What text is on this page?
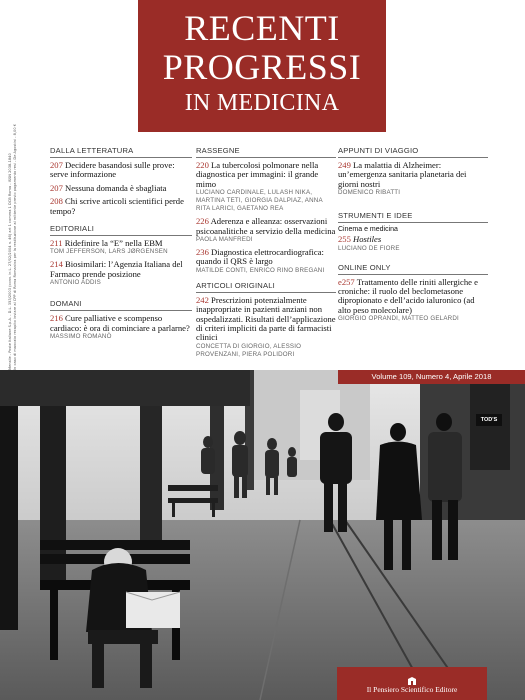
RECENTI
PROGRESSI
IN MEDICINA
Mensile - Poste Italiane S.p.A. - D.L. 353/2003 (conv. in L. 27/02/2004 n. 46) art 1 comma 1 DCB Roma - ISSN 2038-1840 In caso di mancato recapito inviare al CPP di Roma Romanina per la restituzione al mittente previo pagamento resi - De Agostini - 8,00 €	DALLA LETTERATURA
207 Decidere basandosi sulle prove: serve informazione
207 Nessuna domanda è sbagliata
208 Chi scrive articoli scientifici perde tempo?
EDITORIALI
211 Ridefinire la “E” nella EBM
TOM JEFFERSON, LARS JØRGENSEN
214 Biosimilari: l’Agenzia Italiana del Farmaco prende posizione
ANTONIO ADDIS
DOMANI
216 Cure palliative e scompenso cardiaco: è ora di cominciare a parlarne?
MASSIMO ROMANÒ
RASSEGNE
220 La tubercolosi polmonare nella diagnostica per immagini: il grande mimo
LUCIANO CARDINALE, LULASH NIKA, MARTINA TETI, GIORGIA DALPIAZ, ANNA RITA LARICI, GAETANO REA
226 Aderenza e alleanza: osservazioni psicoanalitiche a servizio della medicina
PAOLA MANFREDI
236 Diagnostica elettrocardiografica: quando il QRS è largo
MATILDE CONTI, ENRICO RINO BREGANI
ARTICOLI ORIGINALI
242 Prescrizioni potenzialmente inappropriate in pazienti anziani non ospedalizzati. Risultati dell’applicazione di criteri impliciti da parte di farmacisti clinici
CONCETTA DI GIORGIO, ALESSIO PROVENZANI, PIERA POLIDORI
APPUNTI DI VIAGGIO
249 La malattia di Alzheimer: un’emergenza sanitaria planetaria dei giorni nostri
DOMENICO RIBATTI
STRUMENTI E IDEE
Cinema e medicina
255 Hostiles
LUCIANO DE FIORE
ONLINE ONLY
e257 Trattamento delle riniti allergiche e croniche: il ruolo del beclometasone dipropionato e dell’acido ialuronico (ad alto peso molecolare)
GIORGIO OPRANDI, MATTEO GELARDI
TOD'S
Volume 109, Numero 4, Aprile 2018
Il Pensiero Scientifico Editore
